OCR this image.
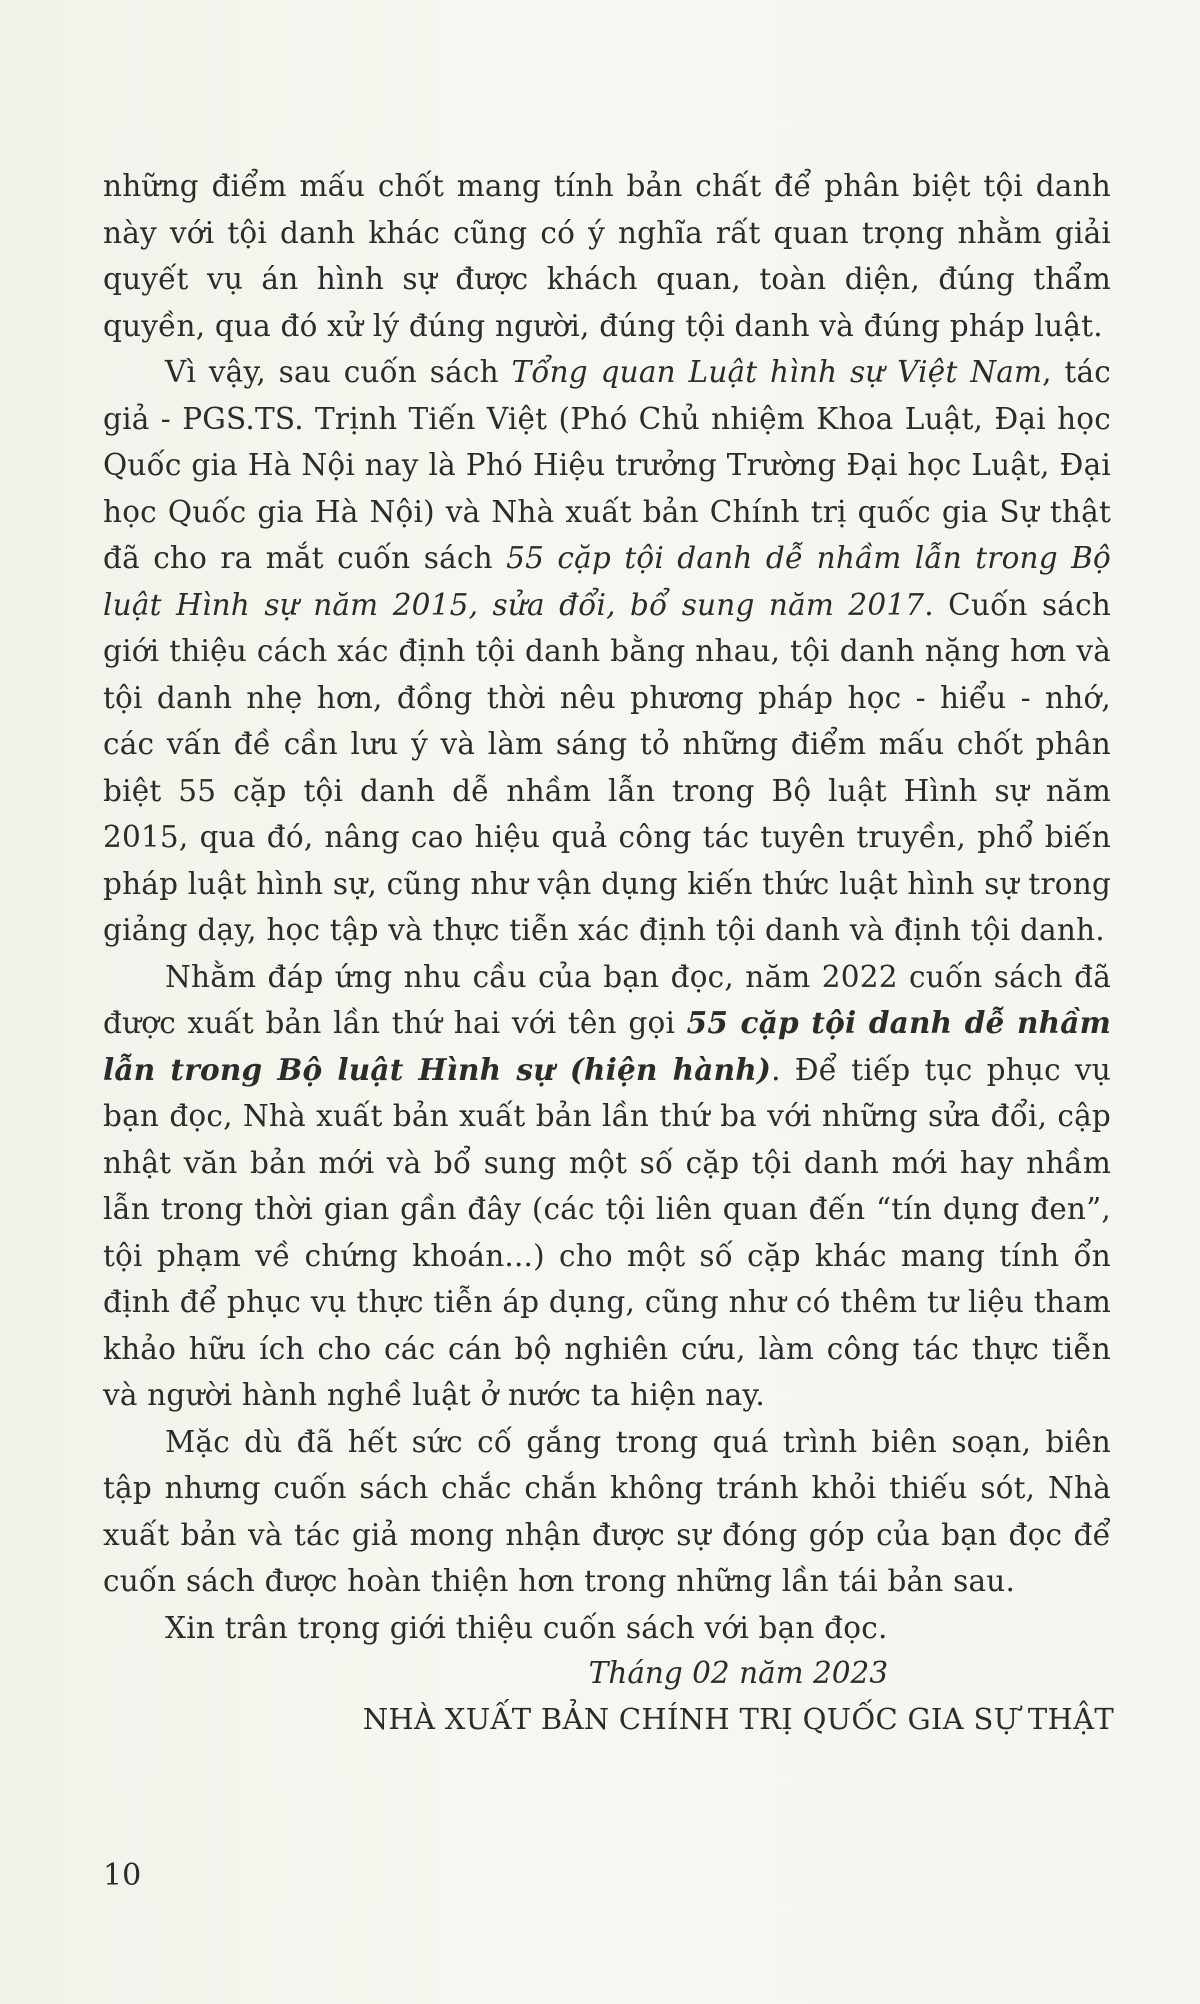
những điểm mấu chốt mang tính bản chất để phân biệt tội danh này với tội danh khác cũng có ý nghĩa rất quan trọng nhằm giải quyết vụ án hình sự được khách quan, toàn diện, đúng thẩm quyền, qua đó xử lý đúng người, đúng tội danh và đúng pháp luật.

Vì vậy, sau cuốn sách Tổng quan Luật hình sự Việt Nam, tác giả - PGS.TS. Trịnh Tiến Việt (Phó Chủ nhiệm Khoa Luật, Đại học Quốc gia Hà Nội nay là Phó Hiệu trưởng Trường Đại học Luật, Đại học Quốc gia Hà Nội) và Nhà xuất bản Chính trị quốc gia Sự thật đã cho ra mắt cuốn sách 55 cặp tội danh dễ nhầm lẫn trong Bộ luật Hình sự năm 2015, sửa đổi, bổ sung năm 2017. Cuốn sách giới thiệu cách xác định tội danh bằng nhau, tội danh nặng hơn và tội danh nhẹ hơn, đồng thời nêu phương pháp học - hiểu - nhớ, các vấn đề cần lưu ý và làm sáng tỏ những điểm mấu chốt phân biệt 55 cặp tội danh dễ nhầm lẫn trong Bộ luật Hình sự năm 2015, qua đó, nâng cao hiệu quả công tác tuyên truyền, phổ biến pháp luật hình sự, cũng như vận dụng kiến thức luật hình sự trong giảng dạy, học tập và thực tiễn xác định tội danh và định tội danh.

Nhằm đáp ứng nhu cầu của bạn đọc, năm 2022 cuốn sách đã được xuất bản lần thứ hai với tên gọi 55 cặp tội danh dễ nhầm lẫn trong Bộ luật Hình sự (hiện hành). Để tiếp tục phục vụ bạn đọc, Nhà xuất bản xuất bản lần thứ ba với những sửa đổi, cập nhật văn bản mới và bổ sung một số cặp tội danh mới hay nhầm lẫn trong thời gian gần đây (các tội liên quan đến “tín dụng đen”, tội phạm về chứng khoán...) cho một số cặp khác mang tính ổn định để phục vụ thực tiễn áp dụng, cũng như có thêm tư liệu tham khảo hữu ích cho các cán bộ nghiên cứu, làm công tác thực tiễn và người hành nghề luật ở nước ta hiện nay.

Mặc dù đã hết sức cố gắng trong quá trình biên soạn, biên tập nhưng cuốn sách chắc chắn không tránh khỏi thiếu sót, Nhà xuất bản và tác giả mong nhận được sự đóng góp của bạn đọc để cuốn sách được hoàn thiện hơn trong những lần tái bản sau.

Xin trân trọng giới thiệu cuốn sách với bạn đọc.

Tháng 02 năm 2023

NHÀ XUẤT BẢN CHÍNH TRỊ QUỐC GIA SỰ THẬT

10
